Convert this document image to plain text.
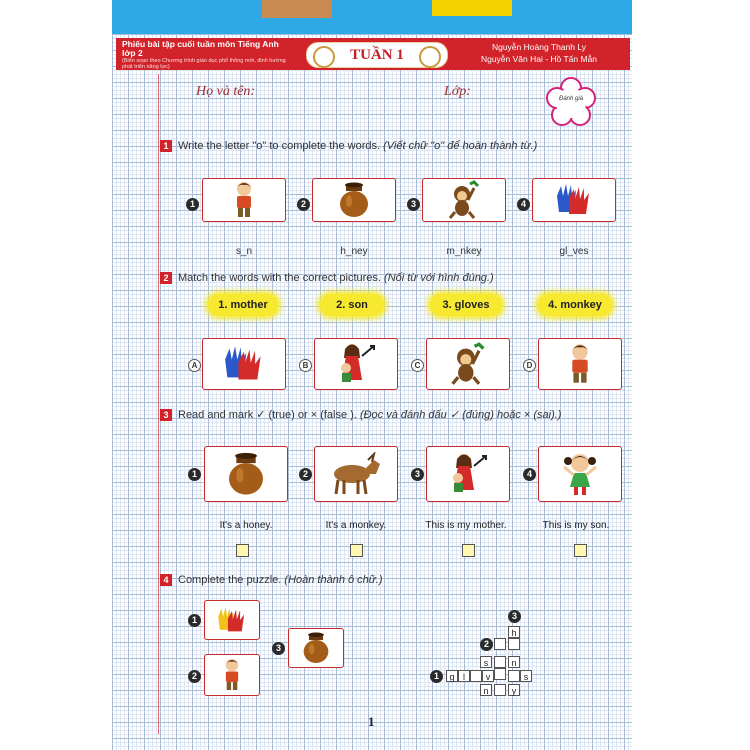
Phiếu bài tập cuối tuần môn Tiếng Anh lớp 2
(Biên soạn theo Chương trình giáo dục phổ thông mới, định hướng phát triển năng lực)
TUẦN 1	Nguyễn Hoàng Thanh Ly
Nguyễn Văn Hai - Hồ Tấn Mẫn
Họ và tên:	Lớp:	Đánh giá
1 Write the letter "o" to complete the words. (Viết chữ "o" để hoàn thành từ.)
1	2	3	4
s_n	h_ney	m_nkey	gl_ves
2 Match the words with the correct pictures. (Nối từ với hình đúng.)
1. mother	2. son	3. gloves	4. monkey
A	B	C	D
3 Read and mark ✓ (true) or × (false ). (Đọc và đánh dấu ✓ (đúng) hoặc × (sai).)
1	2	3	4
It's a honey.	It's a monkey.	This is my mother.	This is my son.
4 Complete the puzzle. (Hoàn thành ô chữ.)
1
2
3
3
2
1
h
s	n
g l	v	s
n	y
1
